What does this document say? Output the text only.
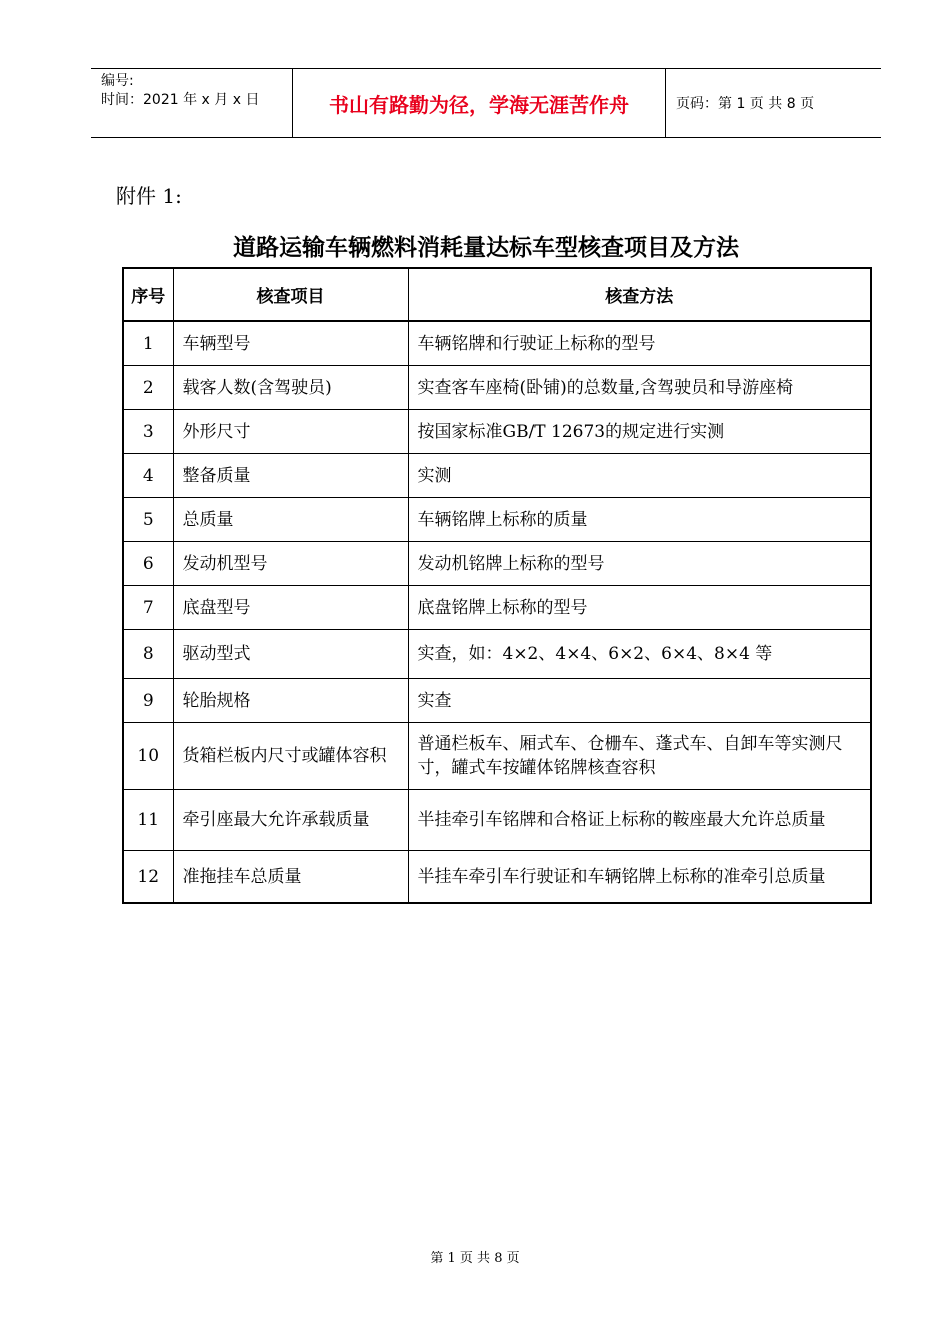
编号:
时间：2021 年 x 月 x 日	书山有路勤为径，学海无涯苦作舟	页码：第 1 页 共 8 页
附件 1:
道路运输车辆燃料消耗量达标车型核查项目及方法
序号	核查项目	核查方法
1	车辆型号	车辆铭牌和行驶证上标称的型号
2	载客人数(含驾驶员)	实查客车座椅(卧铺)的总数量,含驾驶员和导游座椅
3	外形尺寸	按国家标准GB/T 12673的规定进行实测
4	整备质量	实测
5	总质量	车辆铭牌上标称的质量
6	发动机型号	发动机铭牌上标称的型号
7	底盘型号	底盘铭牌上标称的型号
8	驱动型式	实查，如：4×2、4×4、6×2、6×4、8×4 等
9	轮胎规格	实查
10	货箱栏板内尺寸或罐体容积	普通栏板车、厢式车、仓栅车、蓬式车、自卸车等实测尺寸，罐式车按罐体铭牌核查容积
11	牵引座最大允许承载质量	半挂牵引车铭牌和合格证上标称的鞍座最大允许总质量
12	准拖挂车总质量	半挂车牵引车行驶证和车辆铭牌上标称的准牵引总质量
第 1 页 共 8 页
